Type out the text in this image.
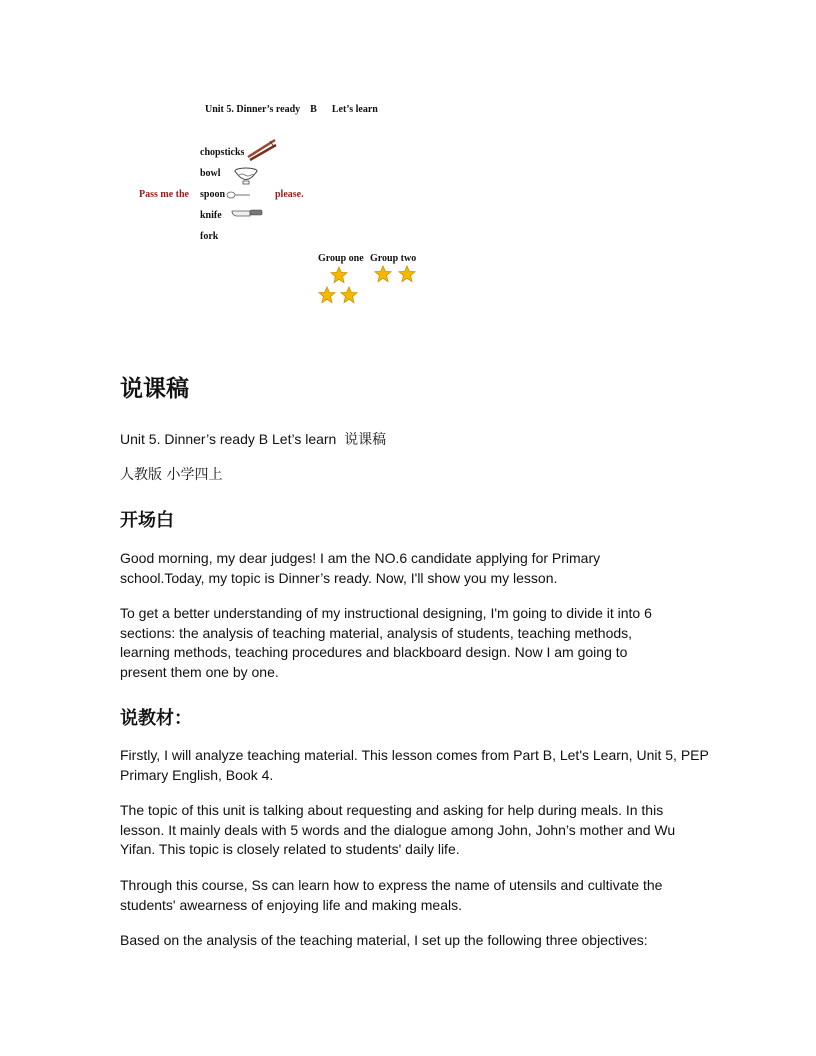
Unit 5. Dinner’s ready    B      Let’s learn
chopsticks
bowl
Pass me the spoon	please.
knife
fork
Group one Group two
说课稿
Unit 5. Dinner’s ready B Let’s learn  说课稿
人教版 小学四上
开场白

Good morning, my dear judges! I am the NO.6 candidate applying for Primary school.Today, my topic is Dinner’s ready. Now, I'll show you my lesson.

To get a better understanding of my instructional designing, I'm going to divide it into 6 sections: the analysis of teaching material, analysis of students, teaching methods, learning methods, teaching procedures and blackboard design. Now I am going to present them one by one.

说教材：

Firstly, I will analyze teaching material. This lesson comes from Part B, Let's Learn, Unit 5, PEP Primary English, Book 4.

The topic of this unit is talking about requesting and asking for help during meals. In this lesson. It mainly deals with 5 words and the dialogue among John, John’s mother and Wu Yifan. This topic is closely related to students' daily life.

Through this course, Ss can learn how to express the name of utensils and cultivate the students' awearness of enjoying life and making meals.

Based on the analysis of the teaching material, I set up the following three objectives:
